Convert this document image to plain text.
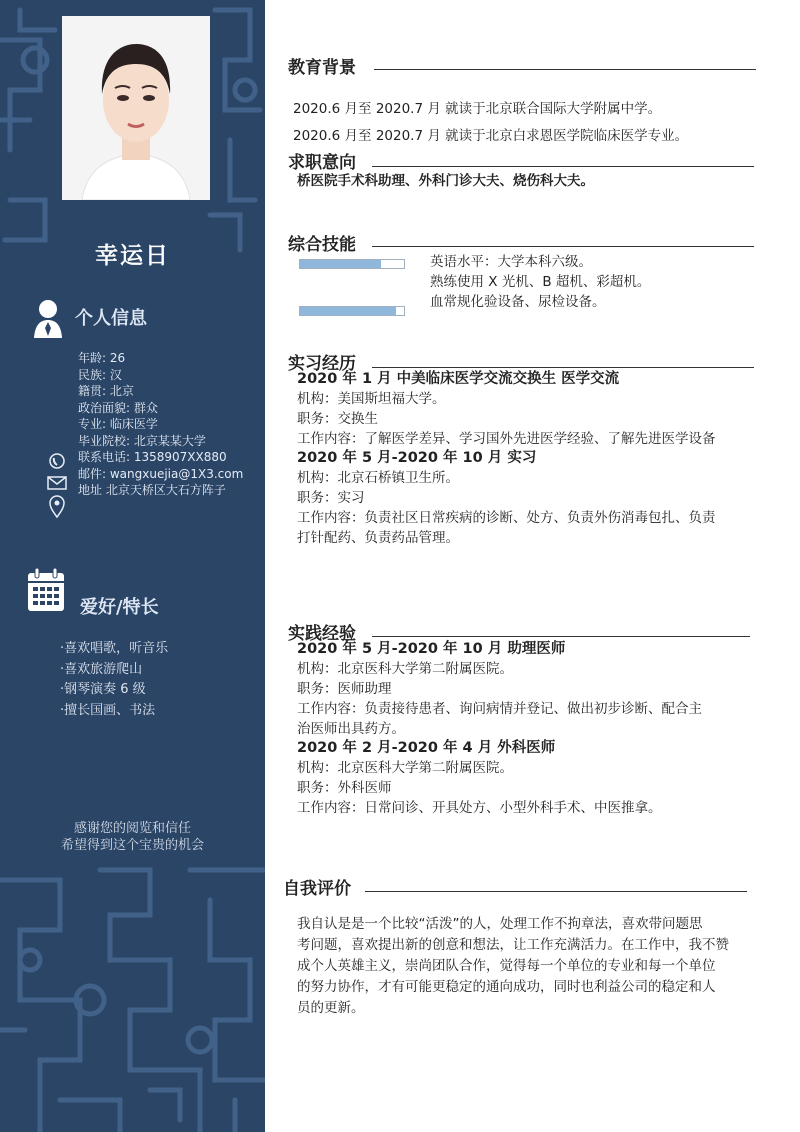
幸运日
个人信息
年龄: 26
民族: 汉
籍贯: 北京
政治面貌: 群众
专业: 临床医学
毕业院校: 北京某某大学
联系电话: 1358907XX880
邮件: wangxuejia@1X3.com
地址 北京天桥区大石方阵子
爱好/特长
·喜欢唱歌，听音乐
·喜欢旅游爬山
·钢琴演奏 6 级
·擅长国画、书法
感谢您的阅览和信任
希望得到这个宝贵的机会
教育背景
2020.6 月至 2020.7 月 就读于北京联合国际大学附属中学。
2020.6 月至 2020.7 月 就读于北京白求恩医学院临床医学专业。
求职意向
桥医院手术科助理、外科门诊大夫、烧伤科大夫。
综合技能
英语水平：大学本科六级。
熟练使用 X 光机、B 超机、彩超机。
血常规化验设备、尿检设备。
实习经历
2020 年 1 月 中美临床医学交流交换生 医学交流
机构：美国斯坦福大学。
职务：交换生
工作内容：了解医学差异、学习国外先进医学经验、了解先进医学设备
2020 年 5 月-2020 年 10 月 实习
机构：北京石桥镇卫生所。
职务：实习
工作内容：负责社区日常疾病的诊断、处方、负责外伤消毒包扎、负责
打针配药、负责药品管理。
实践经验
2020 年 5 月-2020 年 10 月 助理医师
机构：北京医科大学第二附属医院。
职务：医师助理
工作内容：负责接待患者、询问病情并登记、做出初步诊断、配合主
治医师出具药方。
2020 年 2 月-2020 年 4 月 外科医师
机构：北京医科大学第二附属医院。
职务：外科医师
工作内容：日常问诊、开具处方、小型外科手术、中医推拿。
自我评价
我自认是是一个比较“活泼”的人，处理工作不拘章法，喜欢带问题思
考问题，喜欢提出新的创意和想法，让工作充满活力。在工作中，我不赞
成个人英雄主义，崇尚团队合作，觉得每一个单位的专业和每一个单位
的努力协作，才有可能更稳定的通向成功，同时也利益公司的稳定和人
员的更新。
